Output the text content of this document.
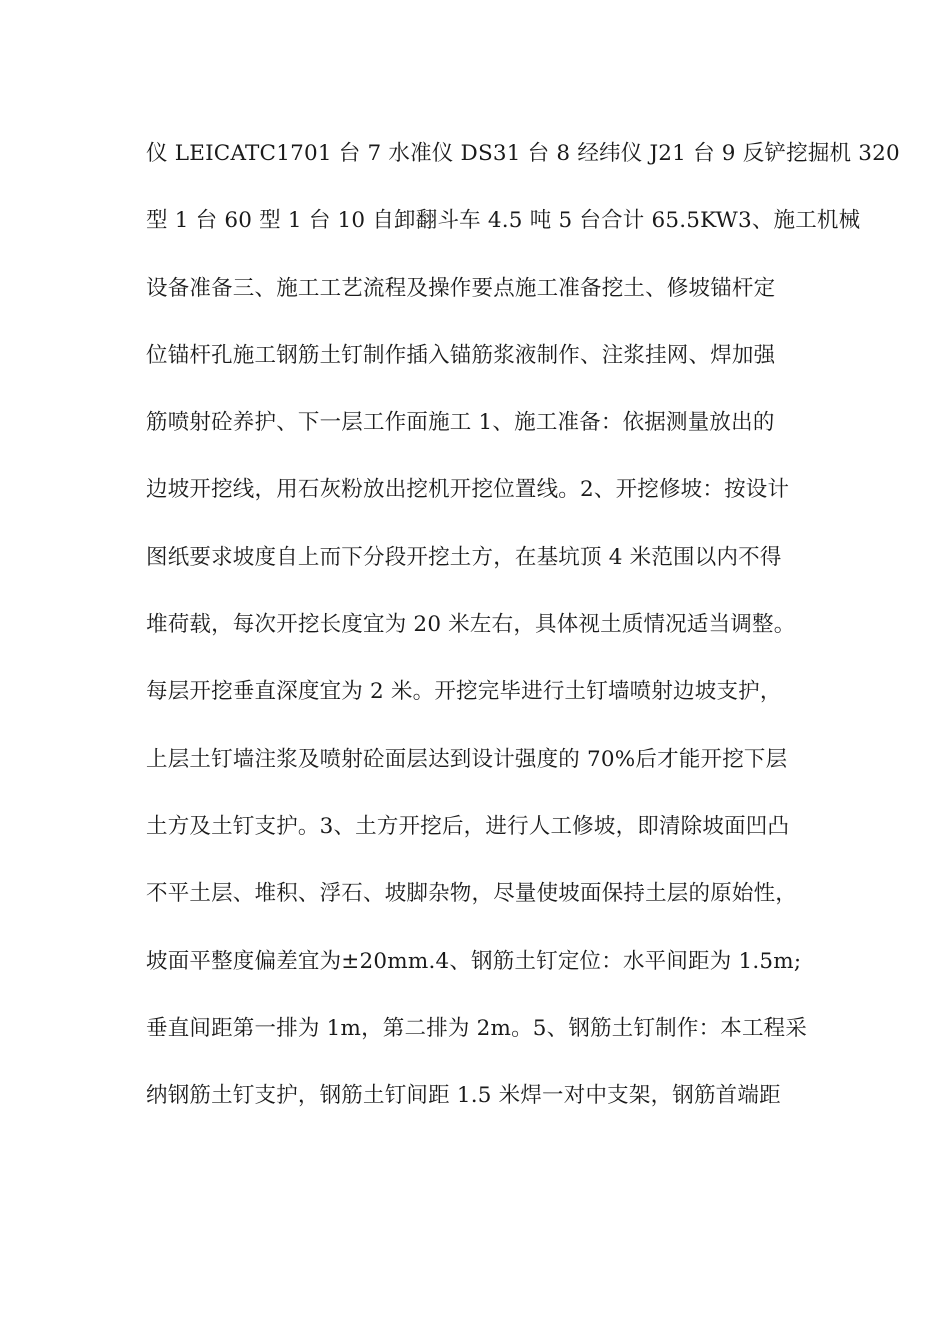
仪 LEICATC1701 台 7 水准仪 DS31 台 8 经纬仪 J21 台 9 反铲挖掘机 320
型 1 台 60 型 1 台 10 自卸翻斗车 4.5 吨 5 台合计 65.5KW3、施工机械
设备准备三、施工工艺流程及操作要点施工准备挖土、修坡锚杆定
位锚杆孔施工钢筋土钉制作插入锚筋浆液制作、注浆挂网、焊加强
筋喷射砼养护、下一层工作面施工 1、施工准备：依据测量放出的
边坡开挖线，用石灰粉放出挖机开挖位置线。2、开挖修坡：按设计
图纸要求坡度自上而下分段开挖土方，在基坑顶 4 米范围以内不得
堆荷载，每次开挖长度宜为 20 米左右，具体视土质情况适当调整。
每层开挖垂直深度宜为 2 米。开挖完毕进行土钉墙喷射边坡支护，
上层土钉墙注浆及喷射砼面层达到设计强度的 70%后才能开挖下层
土方及土钉支护。3、土方开挖后，进行人工修坡，即清除坡面凹凸
不平土层、堆积、浮石、坡脚杂物，尽量使坡面保持土层的原始性，
坡面平整度偏差宜为±20mm.4、钢筋土钉定位：水平间距为 1.5m;
垂直间距第一排为 1m，第二排为 2m。5、钢筋土钉制作：本工程采
纳钢筋土钉支护，钢筋土钉间距 1.5 米焊一对中支架，钢筋首端距
